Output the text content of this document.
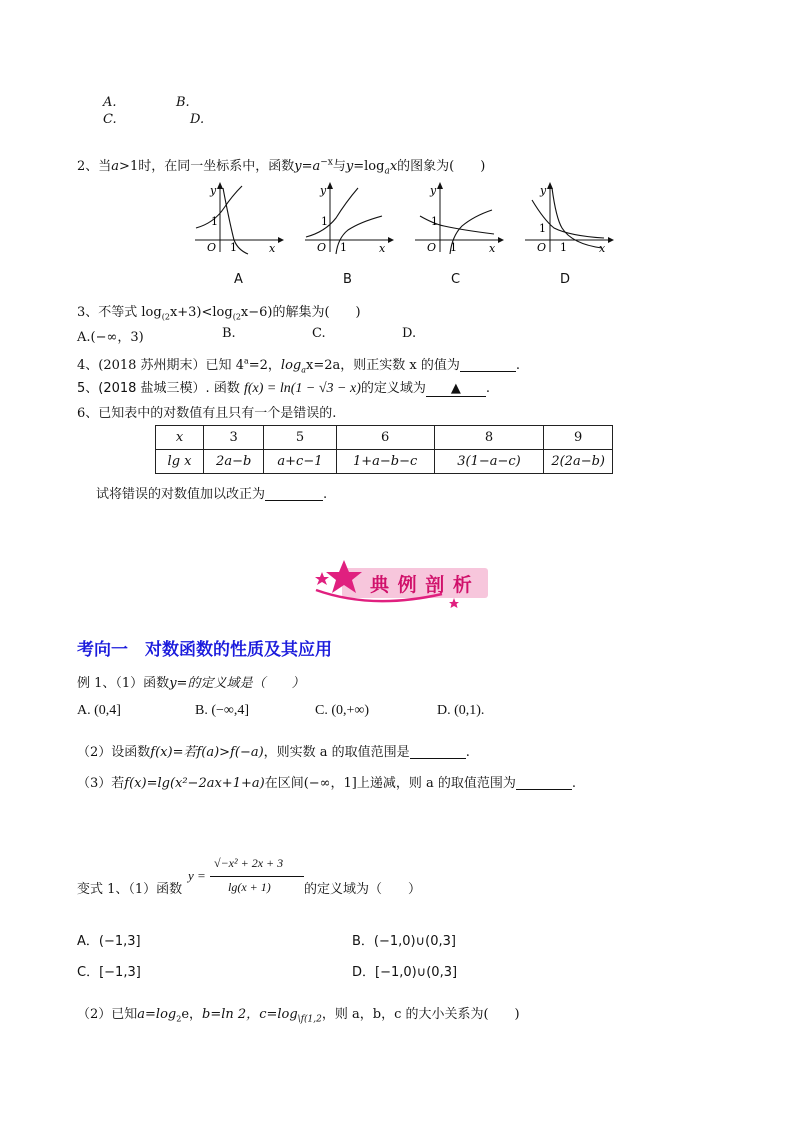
A.	B.
C.	D.
2、当a>1时，在同一坐标系中，函数$y=a^{-x}$与$y=\log_ax$的图象为(　　)
y
x
O
1
1
y
x
O
1
1
y
x
O
1
1
y
x
O
1
1
A	B	C	D
3、不等式 $\log_{(2}x+3)<\log_{(2}x-6$)的解集为(　　)
A.(−∞，3)	B.	C.	D.
4、(2018 苏州期末）已知 $4^a=2$，$\log_ax=2a$，则正实数 x 的值为	.
5、(2018 盐城三模）. 函数 f(x) = ln(1 − √3 − x)的定义域为 ▲ .
6、已知表中的对数值有且只有一个是错误的.
x	3	5	6	8	9
lg x	2a−b	a+c−1	1+a−b−c	3(1−a−c)	2(2a−b)
试将错误的对数值加以改正为	.
典 例 剖 析
考向一　对数函数的性质及其应用
例 1、（1）函数y=的定义域是（　　）
A. (0,4]	B. (−∞,4]	C. (0,+∞)	D. (0,1).
（2）设函数f(x)=若f(a)>f(−a)，则实数 a 的取值范围是	.
（3）若f(x)=lg(x²−2ax+1+a)在区间(−∞，1]上递减，则 a 的取值范围为	.
变式 1、（1）函数
y =
√−x² + 2x + 3
lg(x + 1)	的定义域为（　　）
A．(−1,3]	B．(−1,0)∪(0,3]
C．[−1,3]	D．[−1,0)∪(0,3]
（2）已知$a=\log_2e$，b=ln 2，$c=\log_{\backslash f(1,2}$，则 a，b，c 的大小关系为(　　)
